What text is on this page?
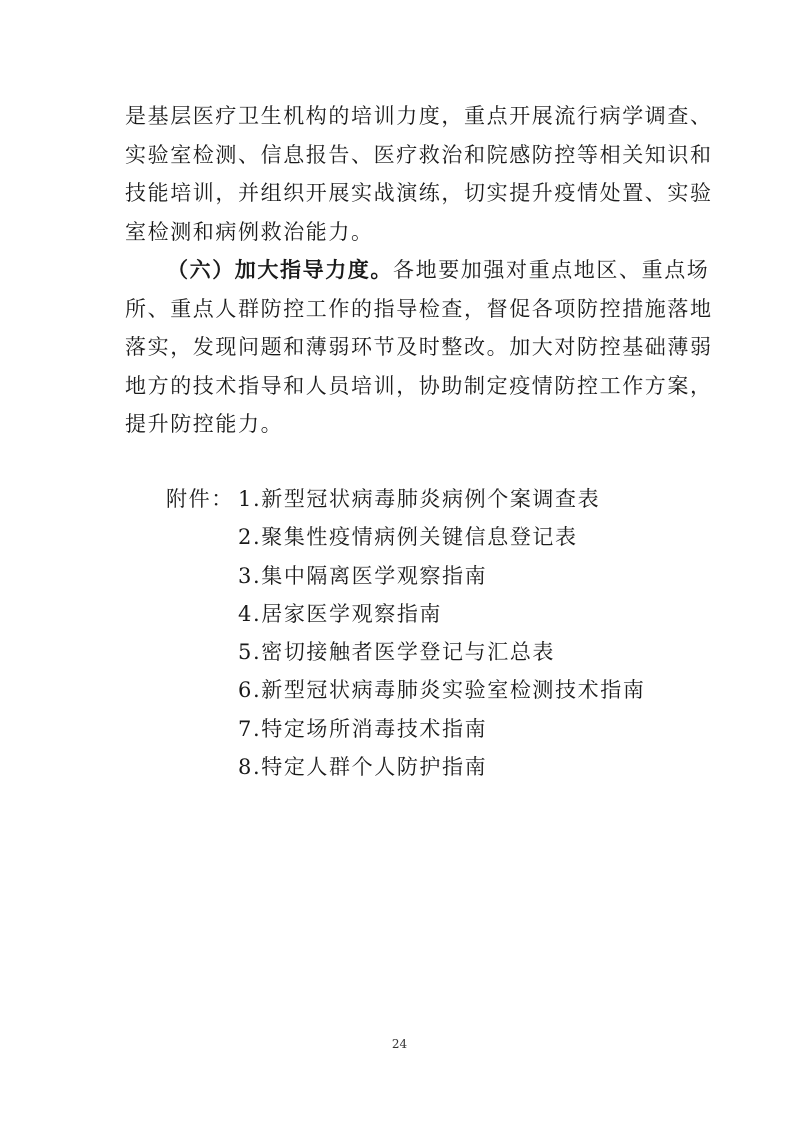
是基层医疗卫生机构的培训力度，重点开展流行病学调查、
实验室检测、信息报告、医疗救治和院感防控等相关知识和
技能培训，并组织开展实战演练，切实提升疫情处置、实验
室检测和病例救治能力。
（六）加大指导力度。各地要加强对重点地区、重点场
所、重点人群防控工作的指导检查，督促各项防控措施落地
落实，发现问题和薄弱环节及时整改。加大对防控基础薄弱
地方的技术指导和人员培训，协助制定疫情防控工作方案，
提升防控能力。
附件： 1.新型冠状病毒肺炎病例个案调查表
2.聚集性疫情病例关键信息登记表
3.集中隔离医学观察指南
4.居家医学观察指南
5.密切接触者医学登记与汇总表
6.新型冠状病毒肺炎实验室检测技术指南
7.特定场所消毒技术指南
8.特定人群个人防护指南
24
